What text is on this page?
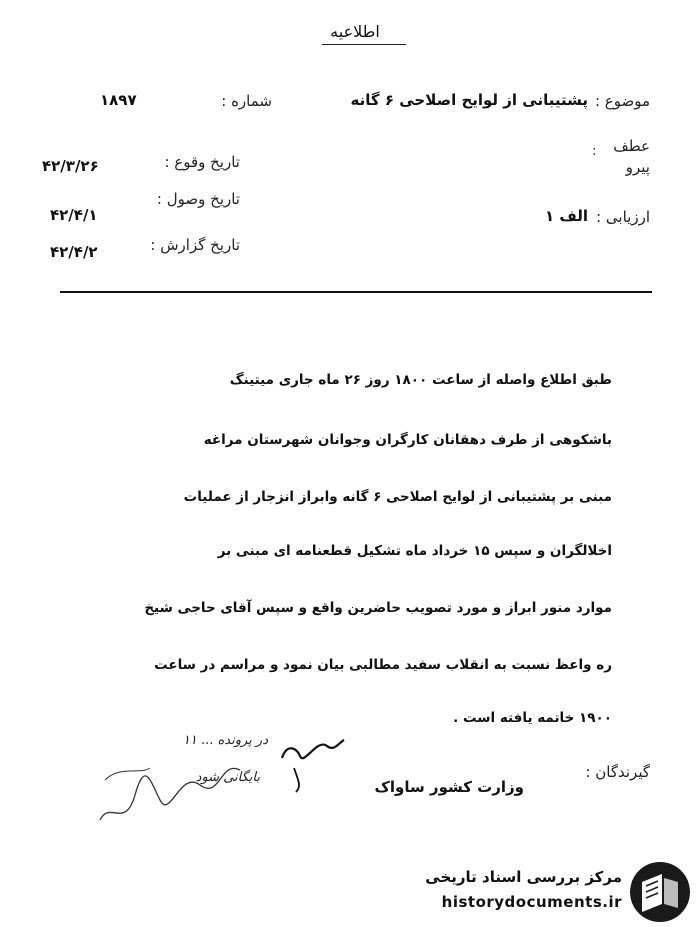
اطلاعیه
موضوع :
پشتیبانی از لوایح اصلاحی ۶ گانه
عطف
:
پیرو
ارزیابی :
الف ۱
شماره :
۱۸۹۷
تاریخ وقوع :
۴۲/۳/۲۶
تاریخ وصول :
۴۲/۴/۱
تاریخ گزارش :
۴۲/۴/۲
طبق اطلاع واصله از ساعت ۱۸۰۰ روز ۲۶ ماه جاری میتینگ
باشکوهی از طرف دهقانان کارگران وجوانان شهرستان مراغه
مبنی بر پشتیبانی از لوایح اصلاحی ۶ گانه وابراز انزجار از عملیات
اخلالگران و سپس ۱۵ خرداد ماه تشکیل قطعنامه ای مبنی بر
موارد منور ابراز و مورد تصویب حاضرین واقع و سپس آقای حاجی شیخ
ره واعظ نسبت به انقلاب سفید مطالبی بیان نمود و مراسم در ساعت
۱۹۰۰ خاتمه یافته است .
در پرونده ... ۱۱
بایگانی شود	گیرندگان :
وزارت کشور ساواک
مرکز بررسی اسناد تاریخی
historydocuments.ir
